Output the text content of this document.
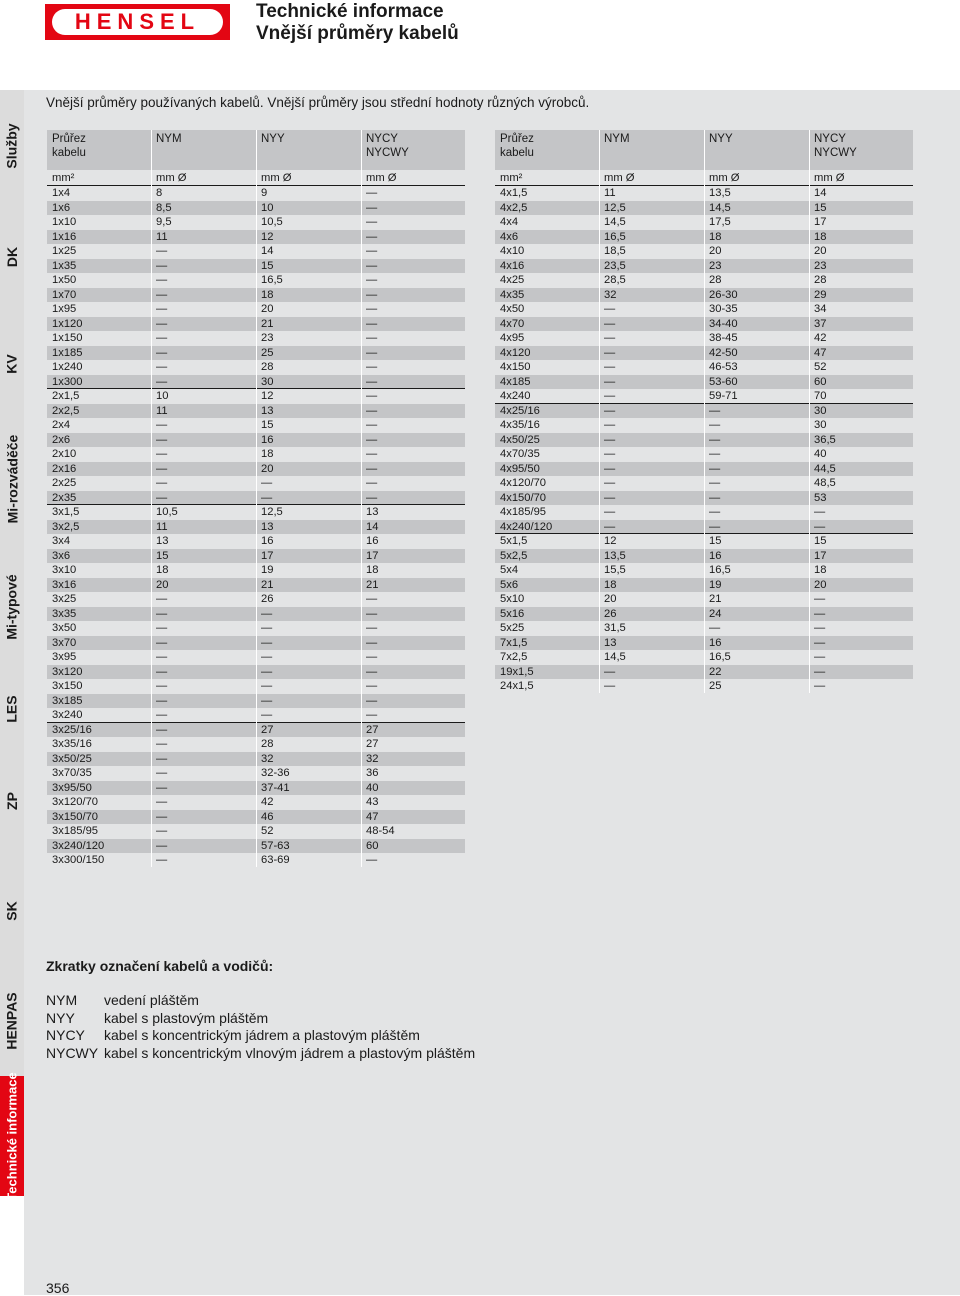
HENSEL	Technické informace
Vnější průměry kabelů
Služby
DK
KV
Mi-rozváděče
Mi-typové
LES
ZP
SK
HENPAS
Technické informace
Vnější průměry používaných kabelů. Vnější průměry jsou střední hodnoty různých výrobců.
Průřez
kabelu
NYM	NYY	NYCY
NYCWY
mm²	mm Ø	mm Ø	mm Ø
1x4	8	9	—
1x6	8,5	10	—
1x10	9,5	10,5	—
1x16	11	12	—
1x25	—	14	—
1x35	—	15	—
1x50	—	16,5	—
1x70	—	18	—
1x95	—	20	—
1x120	—	21	—
1x150	—	23	—
1x185	—	25	—
1x240	—	28	—
1x300	—	30	—
2x1,5	10	12	—
2x2,5	11	13	—
2x4	—	15	—
2x6	—	16	—
2x10	—	18	—
2x16	—	20	—
2x25	—	—	—
2x35	—	—	—
3x1,5	10,5	12,5	13
3x2,5	11	13	14
3x4	13	16	16
3x6	15	17	17
3x10	18	19	18
3x16	20	21	21
3x25	—	26	—
3x35	—	—	—
3x50	—	—	—
3x70	—	—	—
3x95	—	—	—
3x120	—	—	—
3x150	—	—	—
3x185	—	—	—
3x240	—	—	—
3x25/16	—	27	27
3x35/16	—	28	27
3x50/25	—	32	32
3x70/35	—	32-36	36
3x95/50	—	37-41	40
3x120/70	—	42	43
3x150/70	—	46	47
3x185/95	—	52	48-54
3x240/120	—	57-63	60
3x300/150	—	63-69	—
Průřez
kabelu
NYM	NYY	NYCY
NYCWY
mm²	mm Ø	mm Ø	mm Ø
4x1,5	11	13,5	14
4x2,5	12,5	14,5	15
4x4	14,5	17,5	17
4x6	16,5	18	18
4x10	18,5	20	20
4x16	23,5	23	23
4x25	28,5	28	28
4x35	32	26-30	29
4x50	—	30-35	34
4x70	—	34-40	37
4x95	—	38-45	42
4x120	—	42-50	47
4x150	—	46-53	52
4x185	—	53-60	60
4x240	—	59-71	70
4x25/16	—	—	30
4x35/16	—	—	30
4x50/25	—	—	36,5
4x70/35	—	—	40
4x95/50	—	—	44,5
4x120/70	—	—	48,5
4x150/70	—	—	53
4x185/95	—	—	—
4x240/120	—	—	—
5x1,5	12	15	15
5x2,5	13,5	16	17
5x4	15,5	16,5	18
5x6	18	19	20
5x10	20	21	—
5x16	26	24	—
5x25	31,5	—	—
7x1,5	13	16	—
7x2,5	14,5	16,5	—
19x1,5	—	22	—
24x1,5	—	25	—
Zkratky označení kabelů a vodičů:
NYM vedení pláštěm
NYY kabel s plastovým pláštěm
NYCY kabel s koncentrickým jádrem a plastovým pláštěm
NYCWY kabel s koncentrickým vlnovým jádrem a plastovým pláštěm
356
